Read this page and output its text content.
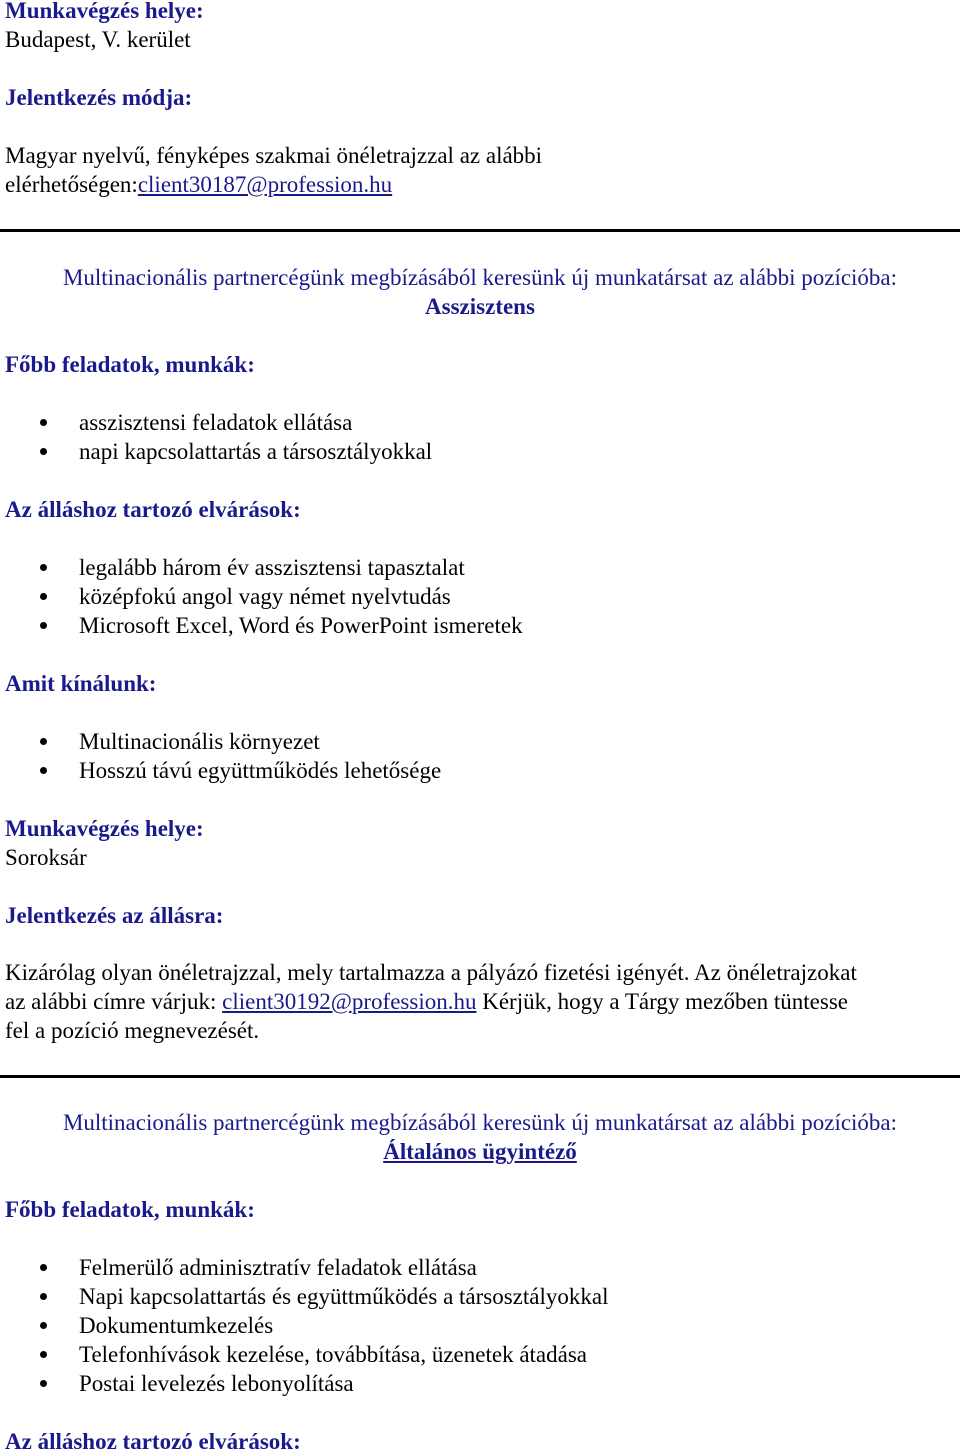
Munkavégzés helye:
Budapest, V. kerület
Jelentkezés módja:
Magyar nyelvű, fényképes szakmai önéletrajzzal az alábbi
elérhetőségen:client30187@profession.hu
Multinacionális partnercégünk megbízásából keresünk új munkatársat az alábbi pozícióba:
Asszisztens
Főbb feladatok, munkák:
asszisztensi feladatok ellátása
napi kapcsolattartás a társosztályokkal
Az álláshoz tartozó elvárások:
legalább három év asszisztensi tapasztalat
középfokú angol vagy német nyelvtudás
Microsoft Excel, Word és PowerPoint ismeretek
Amit kínálunk:
Multinacionális környezet
Hosszú távú együttműködés lehetősége
Munkavégzés helye:
Soroksár
Jelentkezés az állásra:
Kizárólag olyan önéletrajzzal, mely tartalmazza a pályázó fizetési igényét. Az önéletrajzokat
az alábbi címre várjuk: client30192@profession.hu Kérjük, hogy a Tárgy mezőben tüntesse
fel a pozíció megnevezését.
Multinacionális partnercégünk megbízásából keresünk új munkatársat az alábbi pozícióba:
Általános ügyintéző
Főbb feladatok, munkák:
Felmerülő adminisztratív feladatok ellátása
Napi kapcsolattartás és együttműködés a társosztályokkal
Dokumentumkezelés
Telefonhívások kezelése, továbbítása, üzenetek átadása
Postai levelezés lebonyolítása
Az álláshoz tartozó elvárások:
